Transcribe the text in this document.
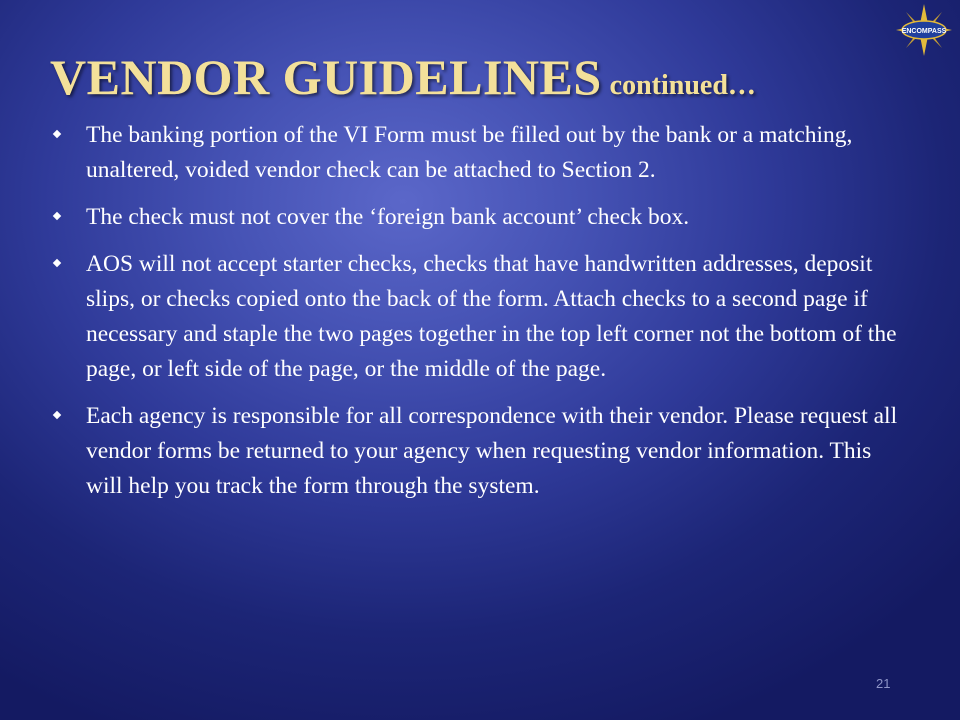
ENCOMPASS
VENDOR GUIDELINES continued…
The banking portion of the VI Form must be filled out by the bank or a matching, unaltered, voided vendor check can be attached to Section 2.
The check must not cover the ‘foreign bank account’ check box.
AOS will not accept starter checks, checks that have handwritten addresses, deposit slips, or checks copied onto the back of the form. Attach checks to a second page if necessary and staple the two pages together in the top left corner not the bottom of the page, or left side of the page, or the middle of the page.
Each agency is responsible for all correspondence with their vendor. Please request all vendor forms be returned to your agency when requesting vendor information. This will help you track the form through the system.
21
